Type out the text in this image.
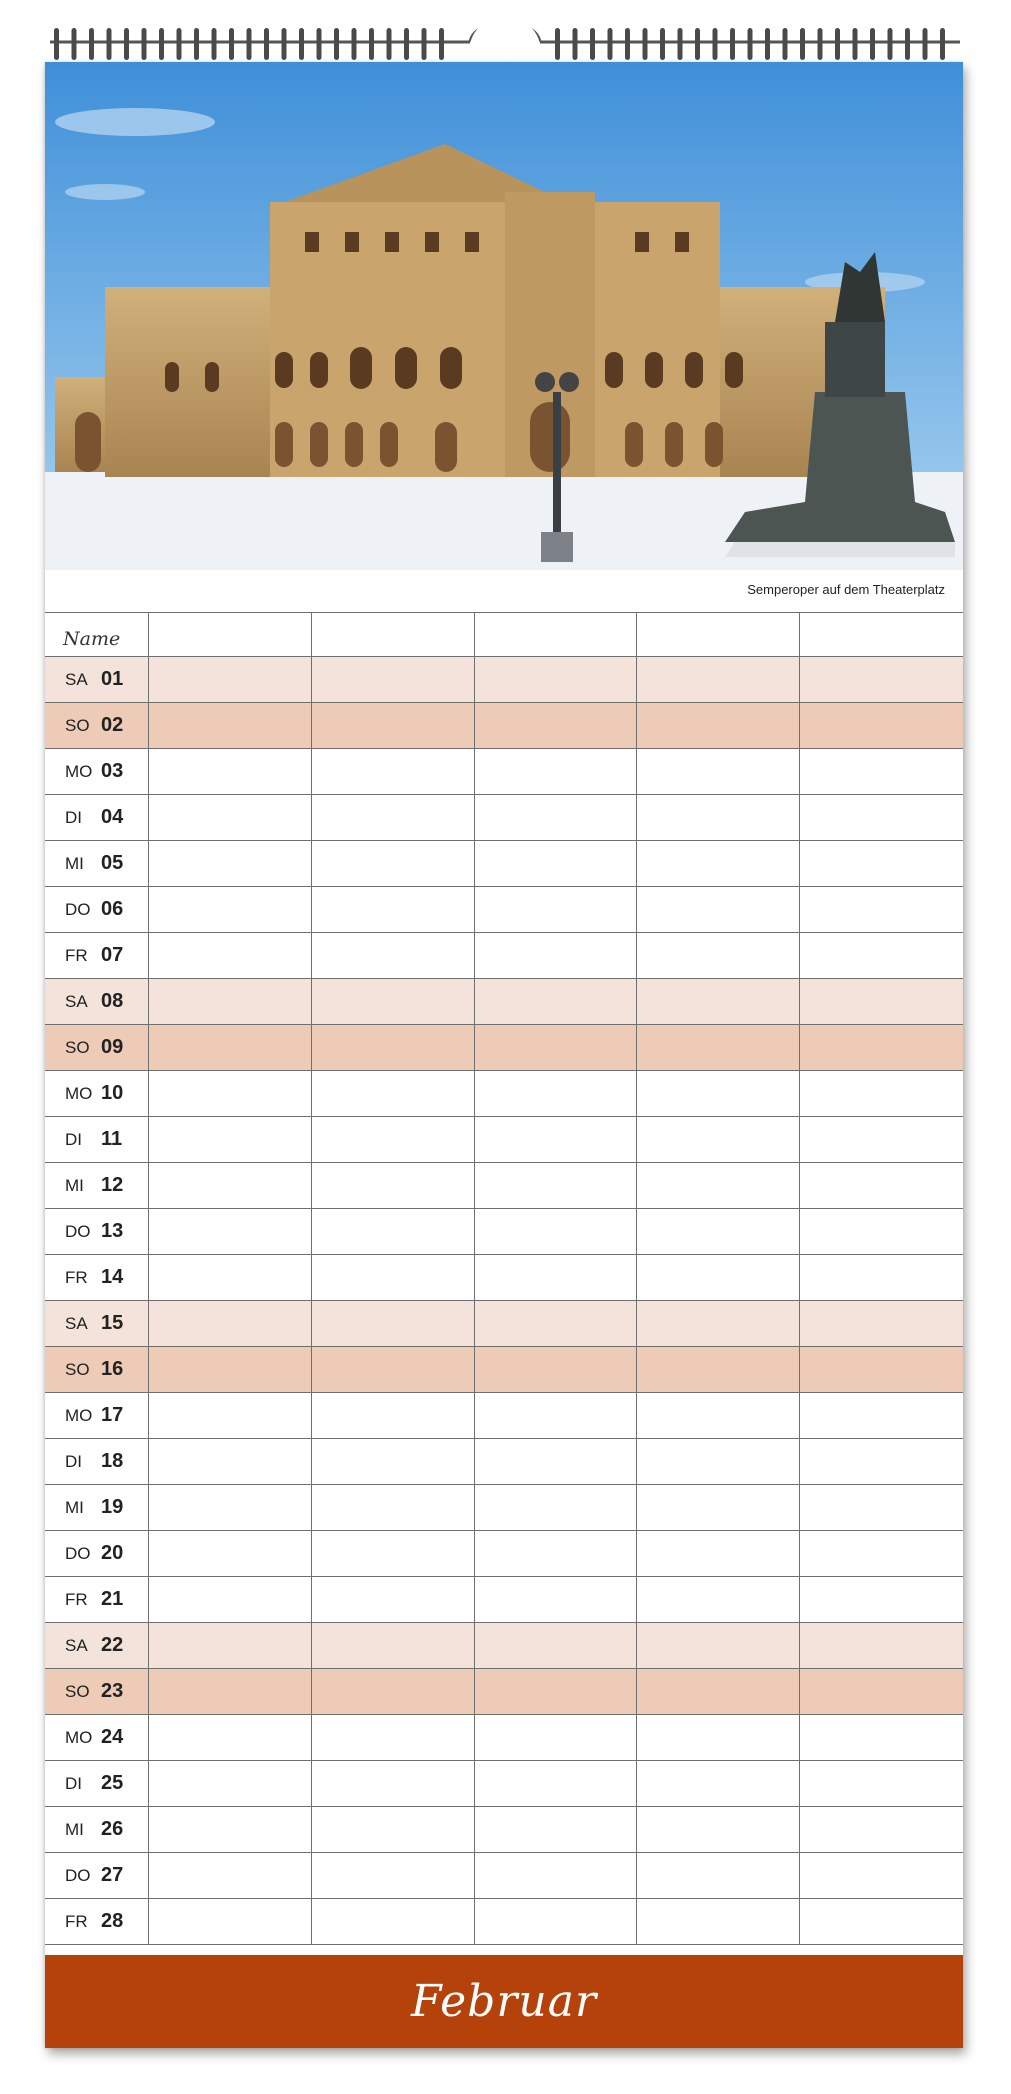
Semperoper auf dem Theaterplatz
Name
SA 01
SO 02
MO 03
DI 04
MI 05
DO 06
FR 07
SA 08
SO 09
MO 10
DI 11
MI 12
DO 13
FR 14
SA 15
SO 16
MO 17
DI 18
MI 19
DO 20
FR 21
SA 22
SO 23
MO 24
DI 25
MI 26
DO 27
FR 28
Februar
